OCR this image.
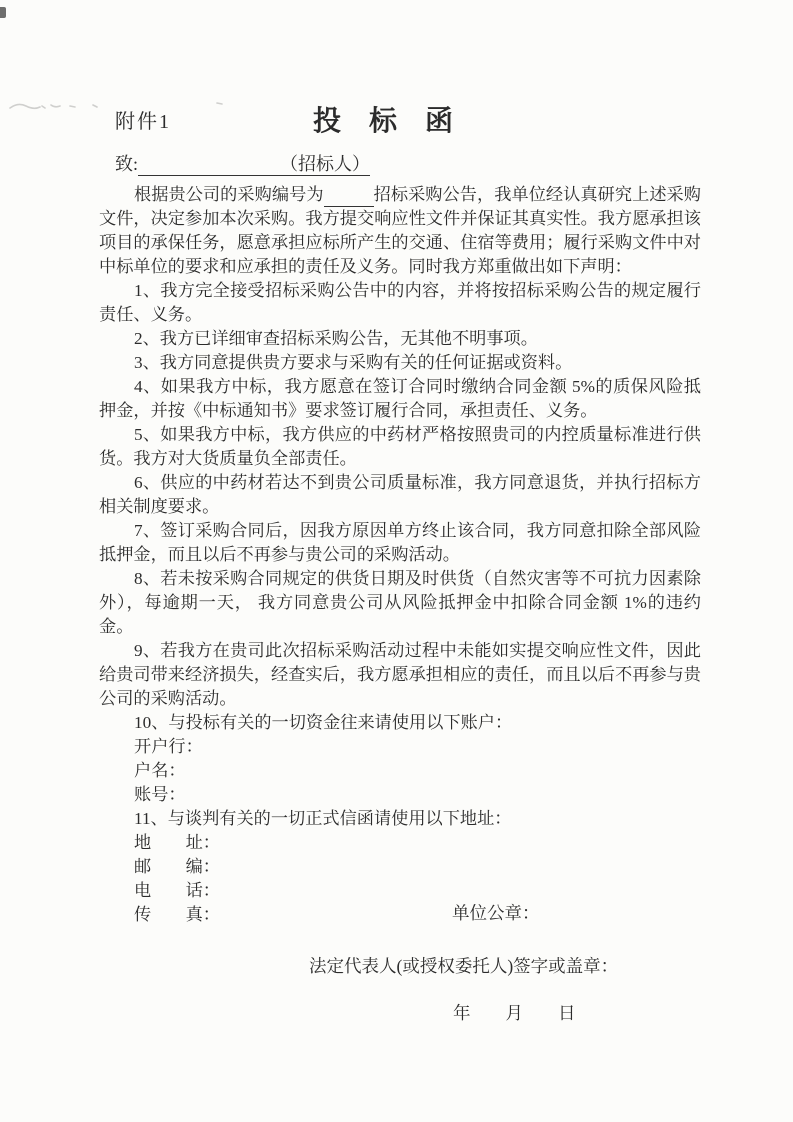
附件1	投　标　函
致:	（招标人）

根据贵公司的采购编号为	招标采购公告，我单位经认真研究上述采购文件，决定参加本次采购。我方提交响应性文件并保证其真实性。我方愿承担该项目的承保任务，愿意承担应标所产生的交通、住宿等费用；履行采购文件中对中标单位的要求和应承担的责任及义务。同时我方郑重做出如下声明：

1、我方完全接受招标采购公告中的内容，并将按招标采购公告的规定履行责任、义务。

2、我方已详细审查招标采购公告，无其他不明事项。

3、我方同意提供贵方要求与采购有关的任何证据或资料。

4、如果我方中标，我方愿意在签订合同时缴纳合同金额 5%的质保风险抵押金，并按《中标通知书》要求签订履行合同，承担责任、义务。

5、如果我方中标，我方供应的中药材严格按照贵司的内控质量标准进行供货。我方对大货质量负全部责任。

6、供应的中药材若达不到贵公司质量标准，我方同意退货，并执行招标方相关制度要求。

7、签订采购合同后，因我方原因单方终止该合同，我方同意扣除全部风险抵押金，而且以后不再参与贵公司的采购活动。

8、若未按采购合同规定的供货日期及时供货（自然灾害等不可抗力因素除外），每逾期一天， 我方同意贵公司从风险抵押金中扣除合同金额 1%的违约金。

9、若我方在贵司此次招标采购活动过程中未能如实提交响应性文件，因此给贵司带来经济损失，经查实后，我方愿承担相应的责任，而且以后不再参与贵公司的采购活动。

10、与投标有关的一切资金往来请使用以下账户：

开户行：

户名：

账号：

11、与谈判有关的一切正式信函请使用以下地址：

地　　址：

邮　　编：

电　　话：

传　　真：	单位公章：
法定代表人(或授权委托人)签字或盖章：
年　　月　　日
